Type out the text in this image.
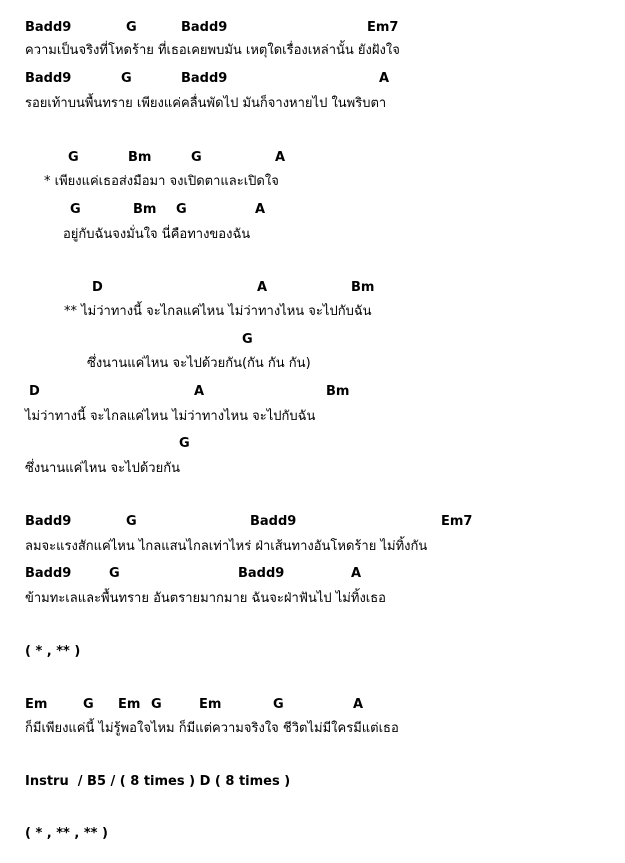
ความเป็นจริงที่โหดร้าย ที่เธอเคยพบมัน เหตุใดเรื่องเหล่านั้น ยังฝังใจ
รอยเท้าบนพื้นทราย เพียงแค่คลื่นพัดไป มันก็จางหายไป ในพริบตา
* เพียงแค่เธอส่งมือมา จงเปิดตาและเปิดใจ
อยู่กับฉันจงมั่นใจ นี่คือทางของฉัน
** ไม่ว่าทางนี้ จะไกลแค่ไหน ไม่ว่าทางไหน จะไปกับฉัน
ซึ่งนานแค่ไหน จะไปด้วยกัน(กัน กัน กัน)
ไม่ว่าทางนี้ จะไกลแค่ไหน ไม่ว่าทางไหน จะไปกับฉัน
ซึ่งนานแค่ไหน จะไปด้วยกัน
ลมจะแรงสักแค่ไหน ไกลแสนไกลเท่าไหร่ ฝ่าเส้นทางอันโหดร้าย ไม่ทิ้งกัน
ข้ามทะเลและพื้นทราย อันตรายมากมาย ฉันจะฝ่าฟันไป ไม่ทิ้งเธอ
( * , ** )
ก็มีเพียงแค่นี้ ไม่รู้พอใจไหม ก็มีแต่ความจริงใจ ชีวิตไม่มีใครมีแต่เธอ
Instru  / B5 / ( 8 times ) D ( 8 times )
( * , ** , ** )
Badd9	G	Badd9	Em7
Badd9	G	Badd9	A
G	Bm	G	A
G	Bm G	A
D	A	Bm
G
D	A	Bm
G
Badd9	G	Badd9	Em7
Badd9	G	Badd9	A
Em	G Em G	Em	G	A
